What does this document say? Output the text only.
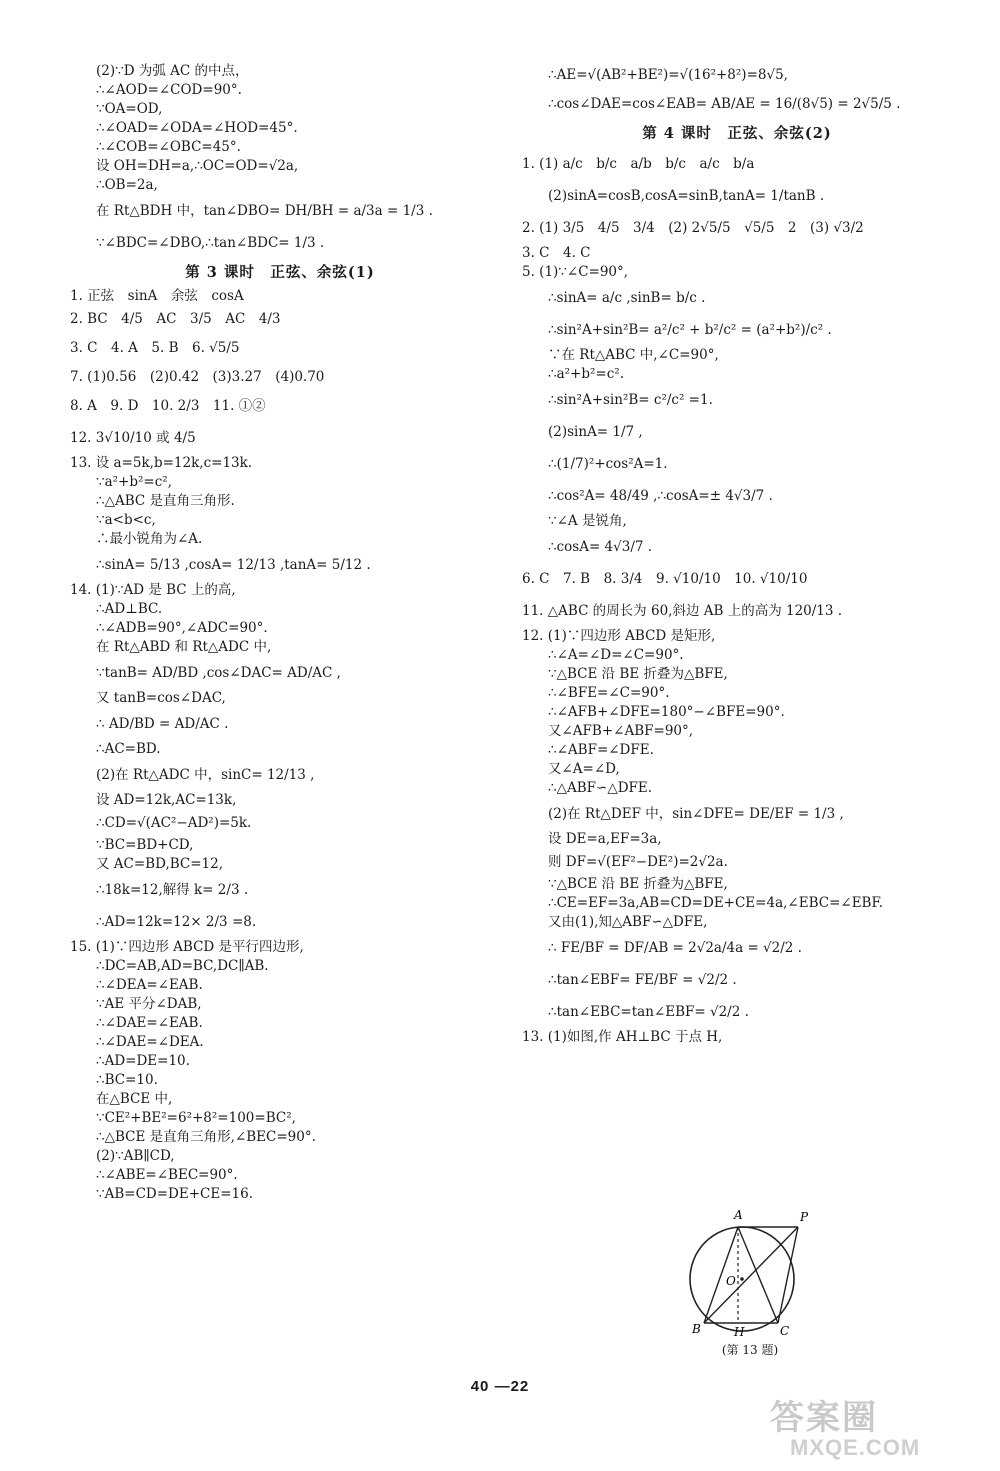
(2)∵D 为弧 AC 的中点，
∴∠AOD=∠COD=90°.
∵OA=OD,
∴∠OAD=∠ODA=∠HOD=45°.
∴∠COB=∠OBC=45°.
设 OH=DH=a,∴OC=OD=√2a,
∴OB=2a,
在 Rt△BDH 中，tan∠DBO= DH/BH = a/3a = 1/3 .
∵∠BDC=∠DBO,∴tan∠BDC= 1/3 .
第 3 课时　正弦、余弦(1)
1. 正弦　sinA　余弦　cosA
2. BC　4/5　AC　3/5　AC　4/3
3. C　4. A　5. B　6. √5/5
7. (1)0.56　(2)0.42　(3)3.27　(4)0.70
8. A　9. D　10. 2/3　11. ①②
12. 3√10/10 或 4/5
13. 设 a=5k,b=12k,c=13k.
∵a²+b²=c²,
∴△ABC 是直角三角形.
∵a<b<c,
∴最小锐角为∠A.
∴sinA= 5/13 ,cosA= 12/13 ,tanA= 5/12 .
14. (1)∵AD 是 BC 上的高,
∴AD⊥BC.
∴∠ADB=90°,∠ADC=90°.
在 Rt△ABD 和 Rt△ADC 中,
∵tanB= AD/BD ,cos∠DAC= AD/AC ,
又 tanB=cos∠DAC,
∴ AD/BD = AD/AC .
∴AC=BD.
(2)在 Rt△ADC 中，sinC= 12/13 ,
设 AD=12k,AC=13k,
∴CD=√(AC²−AD²)=5k.
∵BC=BD+CD,
又 AC=BD,BC=12,
∴18k=12,解得 k= 2/3 .
∴AD=12k=12× 2/3 =8.
15. (1)∵四边形 ABCD 是平行四边形,
∴DC=AB,AD=BC,DC∥AB.
∴∠DEA=∠EAB.
∵AE 平分∠DAB,
∴∠DAE=∠EAB.
∴∠DAE=∠DEA.
∴AD=DE=10.
∴BC=10.
在△BCE 中,
∵CE²+BE²=6²+8²=100=BC²,
∴△BCE 是直角三角形,∠BEC=90°.
(2)∵AB∥CD,
∴∠ABE=∠BEC=90°.
∵AB=CD=DE+CE=16.
∴AE=√(AB²+BE²)=√(16²+8²)=8√5,
∴cos∠DAE=cos∠EAB= AB/AE = 16/(8√5) = 2√5/5 .
第 4 课时　正弦、余弦(2)
1. (1) a/c　b/c　a/b　b/c　a/c　b/a
(2)sinA=cosB,cosA=sinB,tanA= 1/tanB .
2. (1) 3/5　4/5　3/4　(2) 2√5/5　√5/5　2　(3) √3/2
3. C　4. C
5. (1)∵∠C=90°,
∴sinA= a/c ,sinB= b/c .
∴sin²A+sin²B= a²/c² + b²/c² = (a²+b²)/c² .
∵在 Rt△ABC 中,∠C=90°,
∴a²+b²=c².
∴sin²A+sin²B= c²/c² =1.
(2)sinA= 1/7 ,
∴(1/7)²+cos²A=1.
∴cos²A= 48/49 ,∴cosA=± 4√3/7 .
∵∠A 是锐角,
∴cosA= 4√3/7 .
6. C　7. B　8. 3/4　9. √10/10　10. √10/10
11. △ABC 的周长为 60,斜边 AB 上的高为 120/13 .
12. (1)∵四边形 ABCD 是矩形,
∴∠A=∠D=∠C=90°.
∵△BCE 沿 BE 折叠为△BFE,
∴∠BFE=∠C=90°.
∴∠AFB+∠DFE=180°−∠BFE=90°.
又∠AFB+∠ABF=90°,
∴∠ABF=∠DFE.
又∠A=∠D,
∴△ABF∽△DFE.
(2)在 Rt△DEF 中，sin∠DFE= DE/EF = 1/3 ,
设 DE=a,EF=3a,
则 DF=√(EF²−DE²)=2√2a.
∵△BCE 沿 BE 折叠为△BFE,
∴CE=EF=3a,AB=CD=DE+CE=4a,∠EBC=∠EBF.
又由(1),知△ABF∽△DFE,
∴ FE/BF = DF/AB = 2√2a/4a = √2/2 .
∴tan∠EBF= FE/BF = √2/2 .
∴tan∠EBC=tan∠EBF= √2/2 .
13. (1)如图,作 AH⊥BC 于点 H,
A	P
O
B	H	C
(第 13 题)
40 —22
答案圈
MXQE.COM
